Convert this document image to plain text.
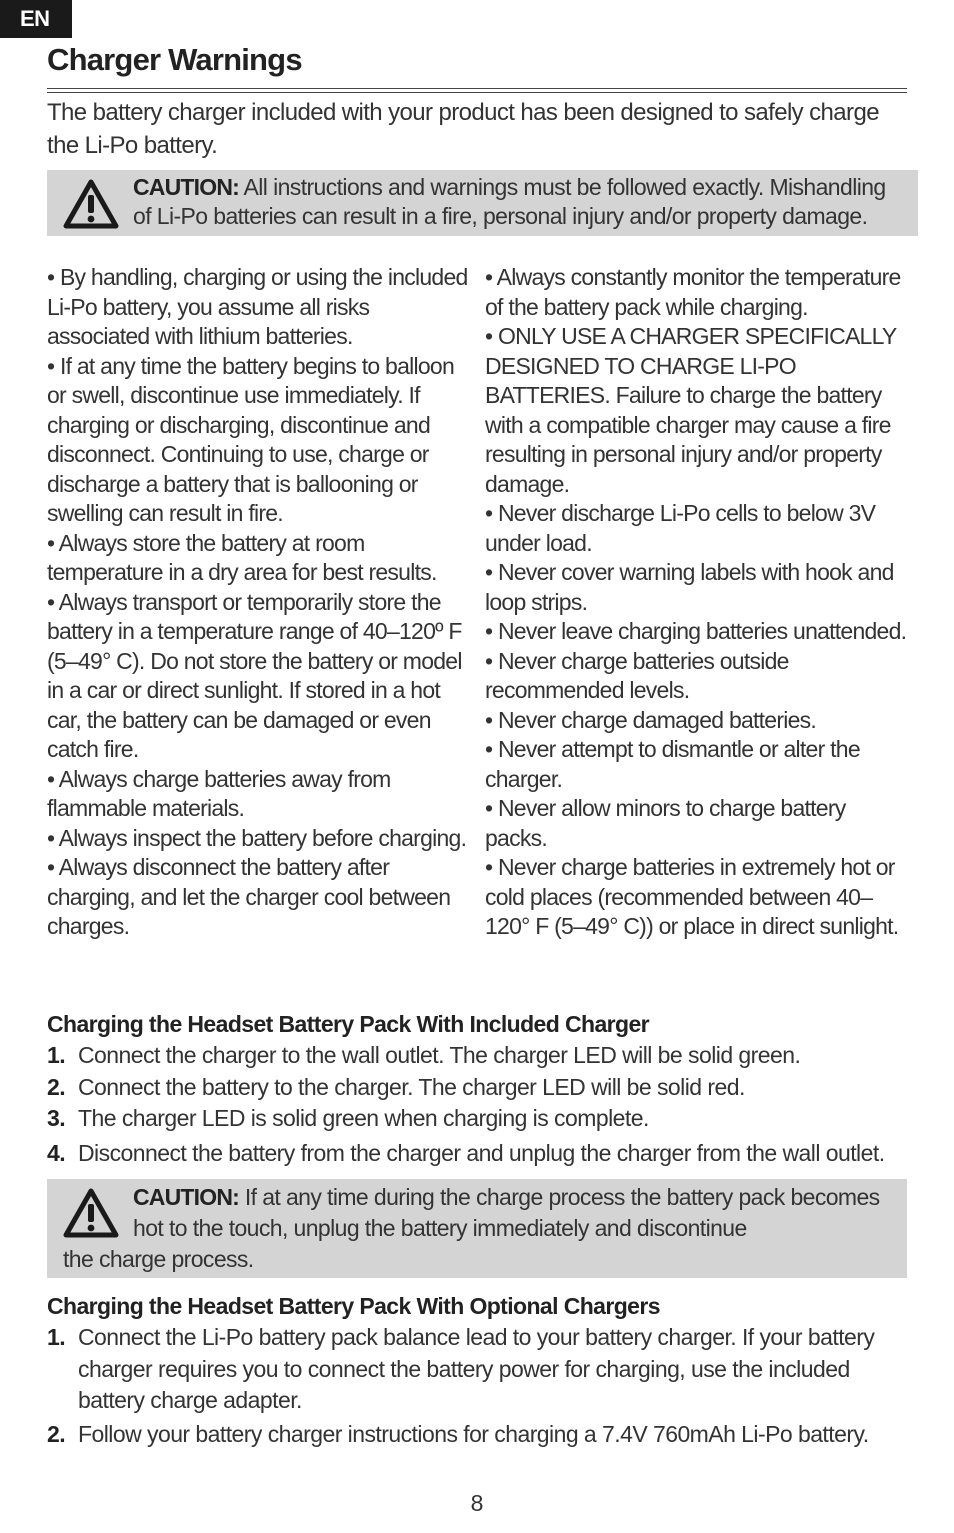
EN
Charger Warnings

The battery charger included with your product has been designed to safely charge the Li-Po battery.

CAUTION: All instructions and warnings must be followed exactly. Mishandling of Li-Po batteries can result in a fire, personal injury and/or property damage.
• By handling, charging or using the included Li-Po battery, you assume all risks associated with lithium batteries.
• If at any time the battery begins to balloon or swell, discontinue use immediately. If charging or discharging, discontinue and disconnect. Continuing to use, charge or discharge a battery that is ballooning or swelling can result in fire.
• Always store the battery at room temperature in a dry area for best results.
• Always transport or temporarily store the battery in a temperature range of 40–120º F (5–49° C). Do not store the battery or model in a car or direct sunlight. If stored in a hot car, the battery can be damaged or even catch fire.
• Always charge batteries away from flammable materials.
• Always inspect the battery before charging.
• Always disconnect the battery after charging, and let the charger cool between charges.
• Always constantly monitor the temperature of the battery pack while charging.
• ONLY USE A CHARGER SPECIFICALLY DESIGNED TO CHARGE LI-PO BATTERIES. Failure to charge the battery with a compatible charger may cause a fire resulting in personal injury and/or property damage.
• Never discharge Li-Po cells to below 3V under load.
• Never cover warning labels with hook and loop strips.
• Never leave charging batteries unattended.
• Never charge batteries outside recommended levels.
• Never charge damaged batteries.
• Never attempt to dismantle or alter the charger.
• Never allow minors to charge battery packs.
• Never charge batteries in extremely hot or cold places (recommended between 40–120° F (5–49° C)) or place in direct sunlight.
Charging the Headset Battery Pack With Included Charger
1. Connect the charger to the wall outlet. The charger LED will be solid green.
2. Connect the battery to the charger. The charger LED will be solid red.
3. The charger LED is solid green when charging is complete.
4. Disconnect the battery from the charger and unplug the charger from the wall outlet.
CAUTION: If at any time during the charge process the battery pack becomes hot to the touch, unplug the battery immediately and discontinue
the charge process.
Charging the Headset Battery Pack With Optional Chargers
1. Connect the Li-Po battery pack balance lead to your battery charger. If your battery charger requires you to connect the battery power for charging, use the included battery charge adapter.
2. Follow your battery charger instructions for charging a 7.4V 760mAh Li-Po battery.
8
